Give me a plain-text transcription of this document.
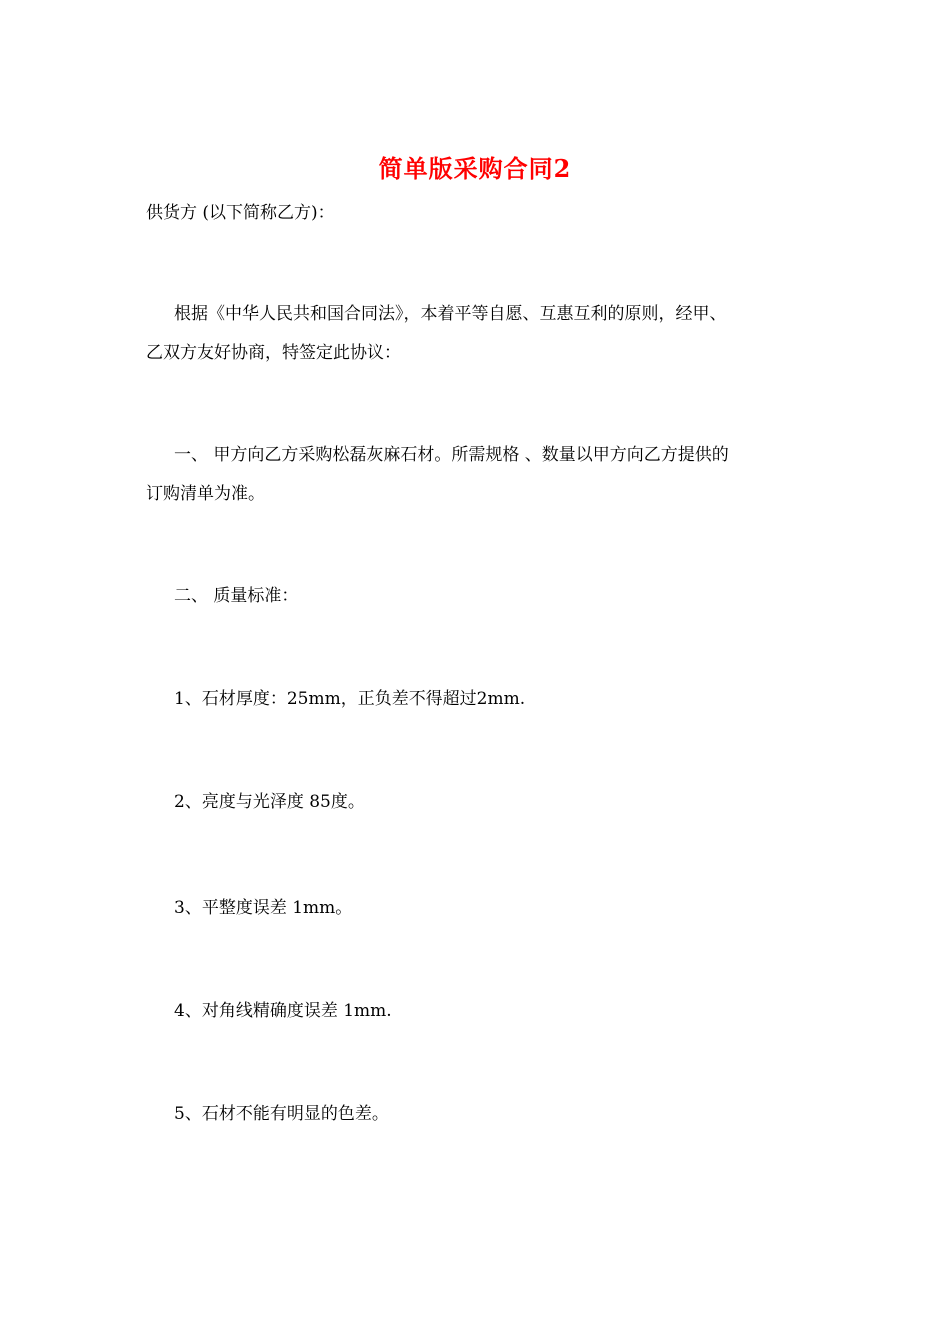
简单版采购合同2
供货方 (以下简称乙方)：
根据《中华人民共和国合同法》，本着平等自愿、互惠互利的原则，经甲、
乙双方友好协商，特签定此协议：
一、 甲方向乙方采购松磊灰麻石材。所需规格 、数量以甲方向乙方提供的
订购清单为准。
二、 质量标准：
1、石材厚度：25mm，正负差不得超过2mm.
2、亮度与光泽度 85度。
3、平整度误差 1mm。
4、对角线精确度误差 1mm.
5、石材不能有明显的色差。
